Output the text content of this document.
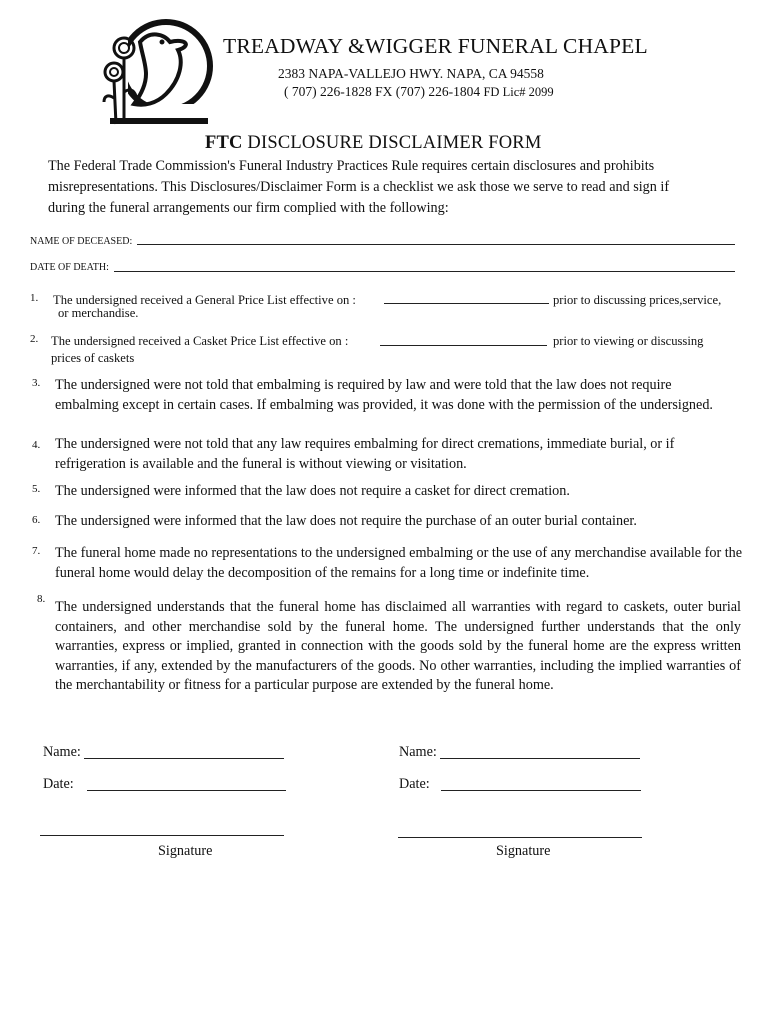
TREADWAY &WIGGER FUNERAL CHAPEL
2383 NAPA-VALLEJO HWY. NAPA, CA 94558
( 707) 226-1828 FX (707) 226-1804 FD Lic# 2099
FTC DISCLOSURE DISCLAIMER FORM
The Federal Trade Commission's Funeral Industry Practices Rule requires certain disclosures and prohibits
misrepresentations. This Disclosures/Disclaimer Form is a checklist we ask those we serve to read and sign if
during the funeral arrangements our firm complied with the following:
NAME OF DECEASED:
DATE OF DEATH:
1. The undersigned received a General Price List effective on :	prior to discussing prices,service,
or merchandise.
2. The undersigned received a Casket Price List effective on :	prior to viewing or discussing
prices of caskets
3. The undersigned were not told that embalming is required by law and were told that the law does not require embalming except in certain cases. If embalming was provided, it was done with the permission of the undersigned.
4. The undersigned were not told that any law requires embalming for direct cremations, immediate burial, or if refrigeration is available and the funeral is without viewing or visitation.
5. The undersigned were informed that the law does not require a casket for direct cremation.
6. The undersigned were informed that the law does not require the purchase of an outer burial container.
7. The funeral home made no representations to the undersigned embalming or the use of any merchandise available for the funeral home would delay the decomposition of the remains for a long time or indefinite time.
8. The undersigned understands that the funeral home has disclaimed all warranties with regard to caskets, outer burial containers, and other merchandise sold by the funeral home. The undersigned further understands that the only warranties, express or implied, granted in connection with the goods sold by the funeral home are the express written warranties, if any, extended by the manufacturers of the goods. No other warranties, including the implied warranties of the merchantability or fitness for a particular purpose are extended by the funeral home.
Name:
Date:
Signature
Name:
Date:
Signature
